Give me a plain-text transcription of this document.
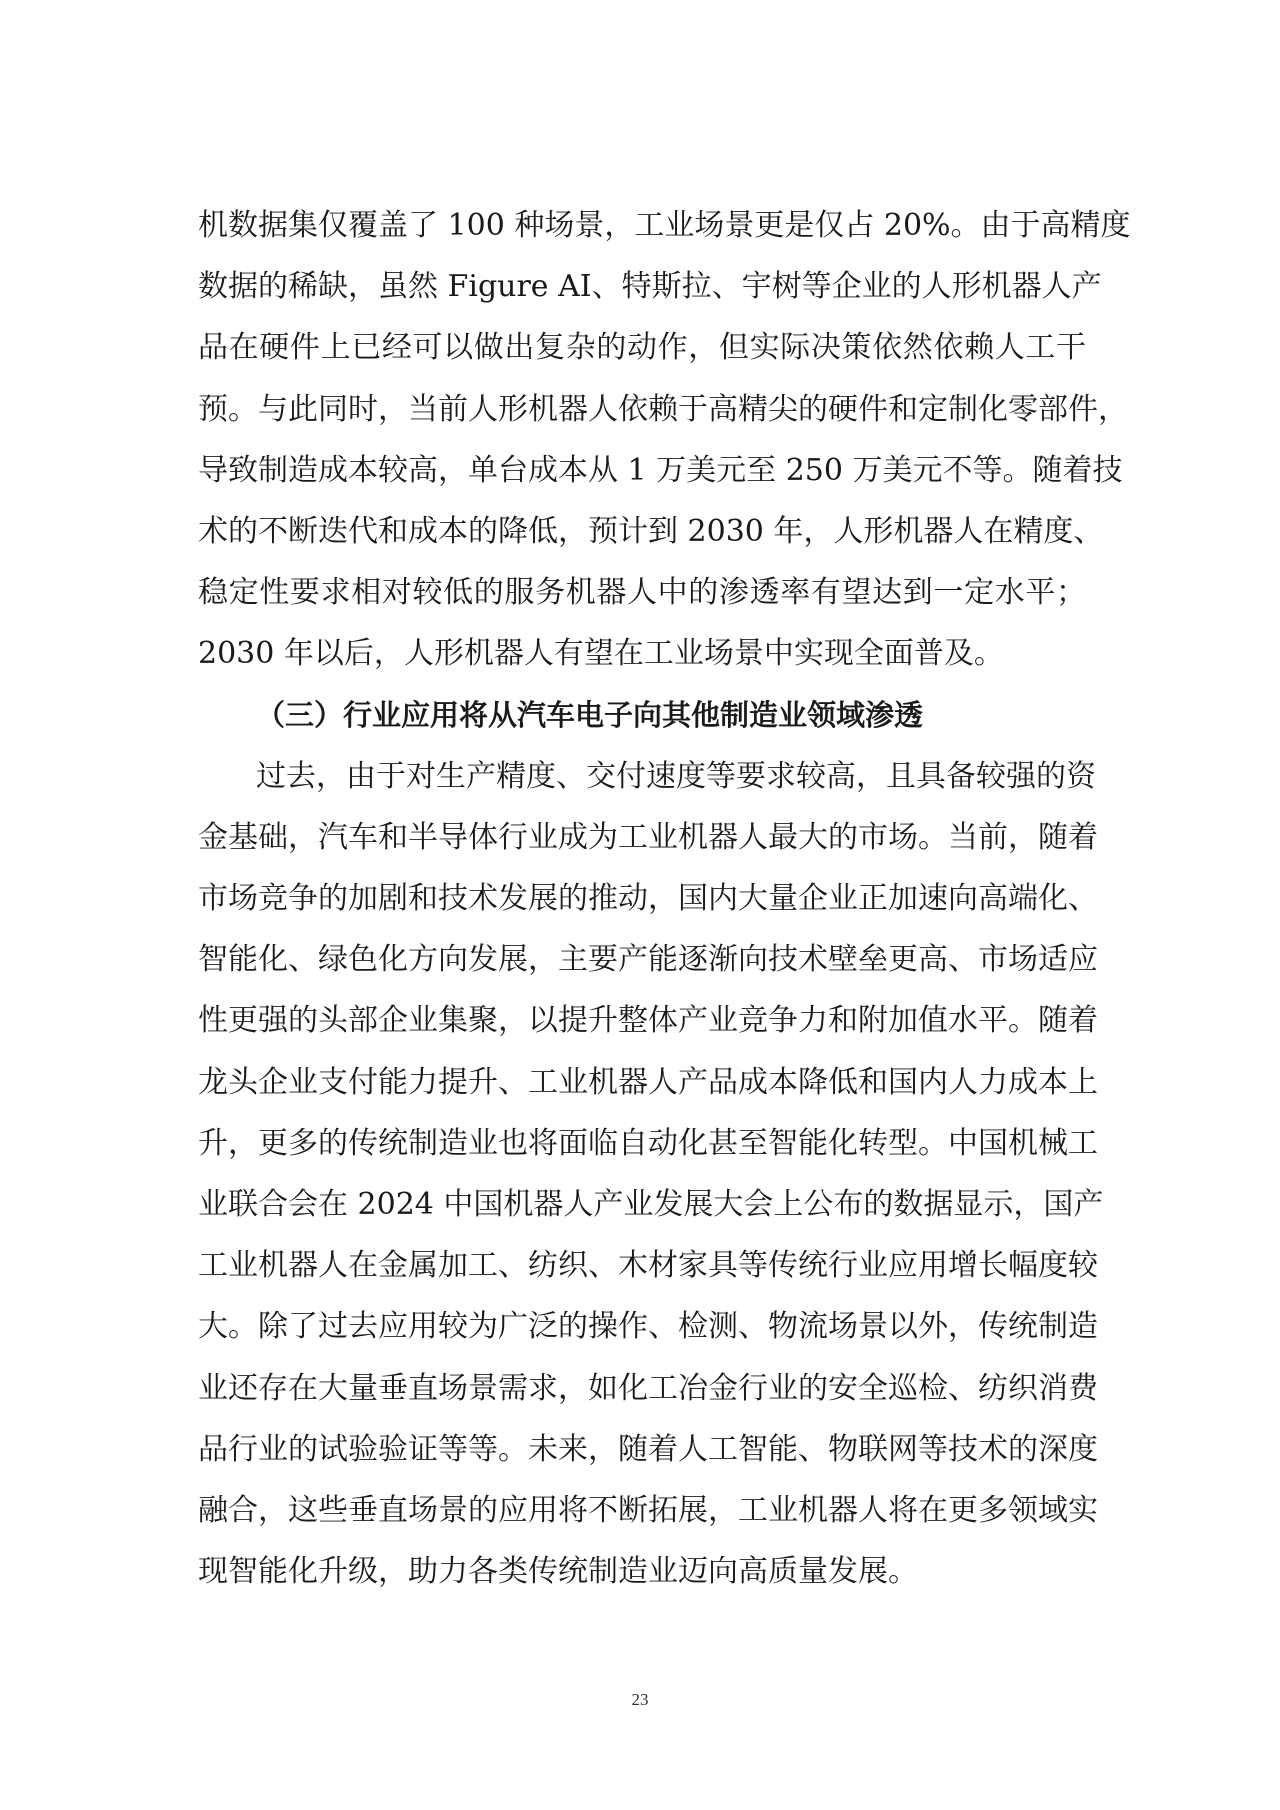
机数据集仅覆盖了 100 种场景，工业场景更是仅占 20%。由于高精度
数据的稀缺，虽然 Figure AI、特斯拉、宇树等企业的人形机器人产
品在硬件上已经可以做出复杂的动作，但实际决策依然依赖人工干
预。与此同时，当前人形机器人依赖于高精尖的硬件和定制化零部件，
导致制造成本较高，单台成本从 1 万美元至 250 万美元不等。随着技
术的不断迭代和成本的降低，预计到 2030 年，人形机器人在精度、
稳定性要求相对较低的服务机器人中的渗透率有望达到一定水平；
2030 年以后，人形机器人有望在工业场景中实现全面普及。
（三）行业应用将从汽车电子向其他制造业领域渗透
过去，由于对生产精度、交付速度等要求较高，且具备较强的资
金基础，汽车和半导体行业成为工业机器人最大的市场。当前，随着
市场竞争的加剧和技术发展的推动，国内大量企业正加速向高端化、
智能化、绿色化方向发展，主要产能逐渐向技术壁垒更高、市场适应
性更强的头部企业集聚，以提升整体产业竞争力和附加值水平。随着
龙头企业支付能力提升、工业机器人产品成本降低和国内人力成本上
升，更多的传统制造业也将面临自动化甚至智能化转型。中国机械工
业联合会在 2024 中国机器人产业发展大会上公布的数据显示，国产
工业机器人在金属加工、纺织、木材家具等传统行业应用增长幅度较
大。除了过去应用较为广泛的操作、检测、物流场景以外，传统制造
业还存在大量垂直场景需求，如化工冶金行业的安全巡检、纺织消费
品行业的试验验证等等。未来，随着人工智能、物联网等技术的深度
融合，这些垂直场景的应用将不断拓展，工业机器人将在更多领域实
现智能化升级，助力各类传统制造业迈向高质量发展。
23
